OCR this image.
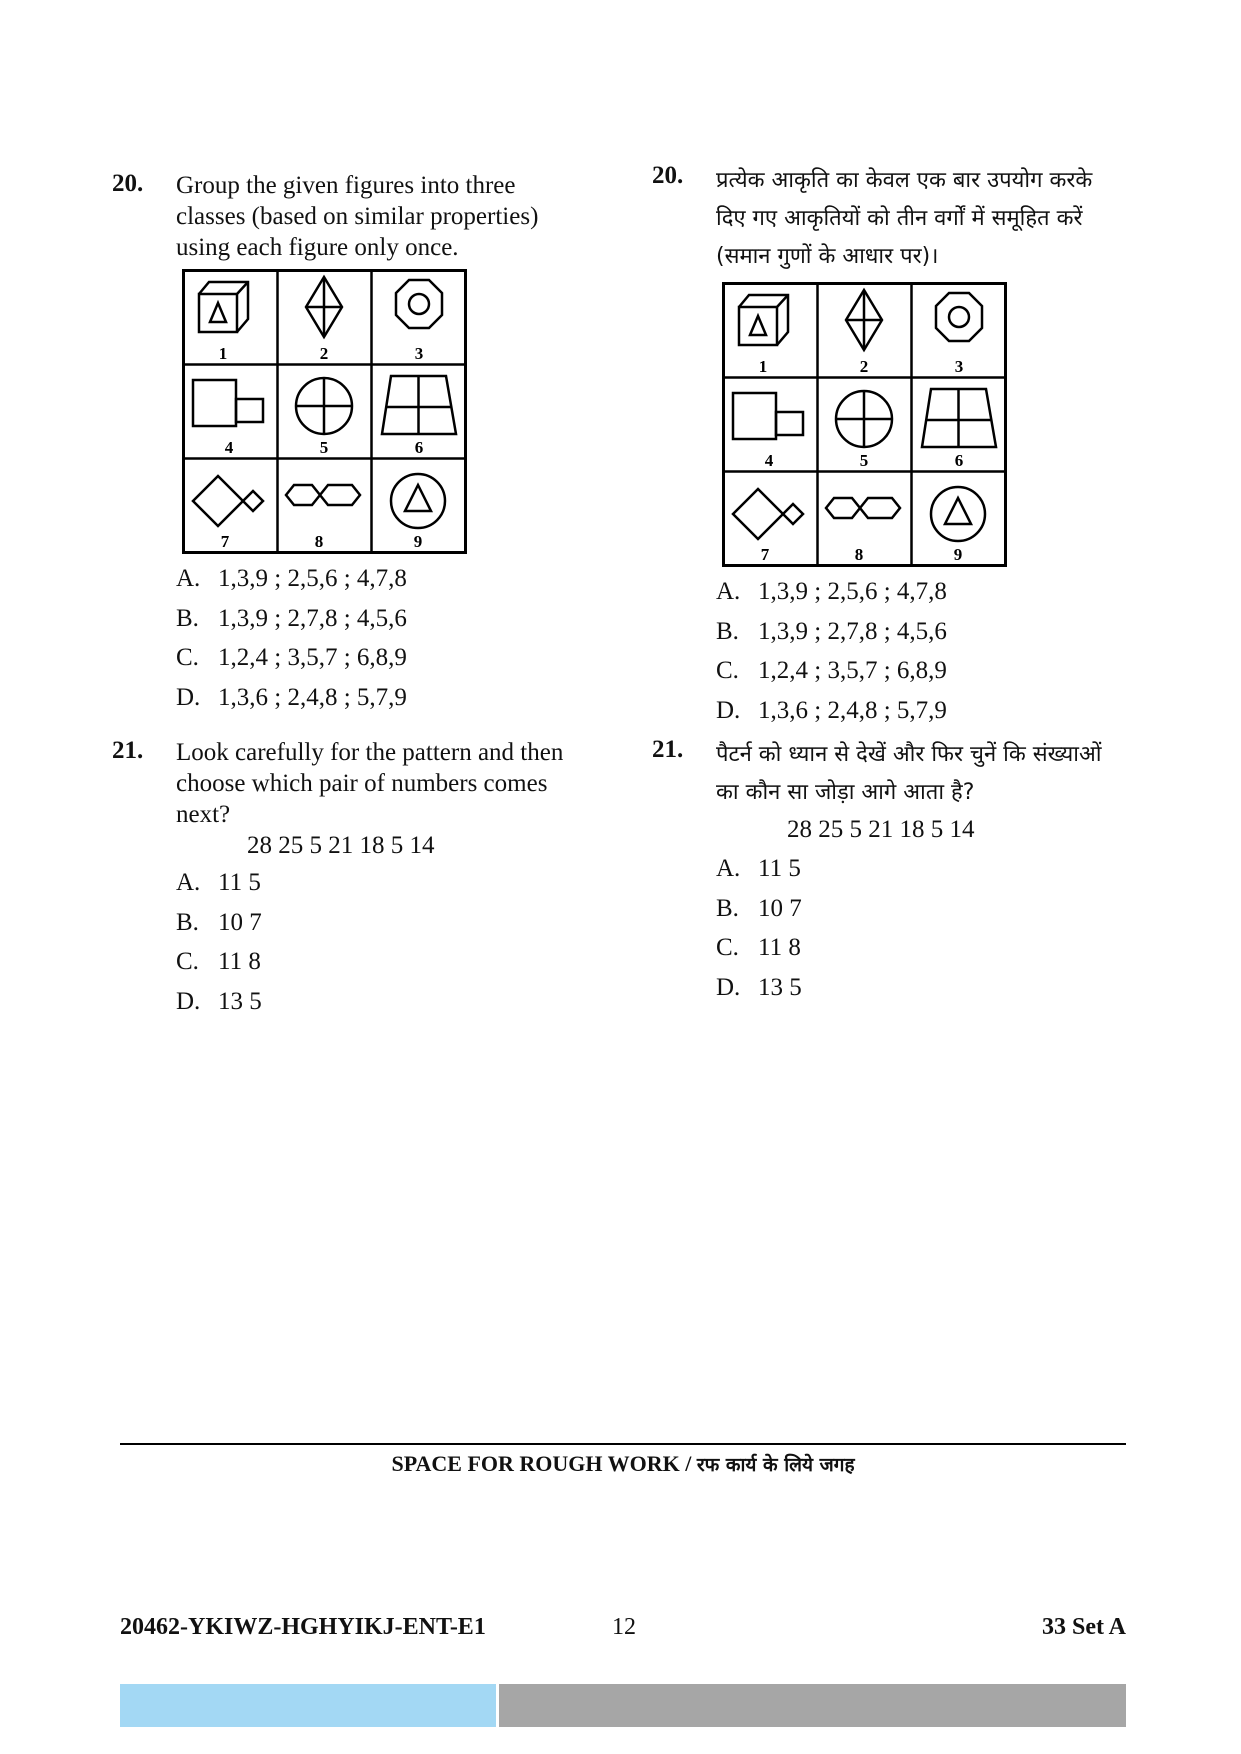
20. Group the given figures into three
classes (based on similar properties)
using each figure only once.
A. 1,3,9 ; 2,5,6 ; 4,7,8
B. 1,3,9 ; 2,7,8 ; 4,5,6
C. 1,2,4 ; 3,5,7 ; 6,8,9
D. 1,3,6 ; 2,4,8 ; 5,7,9
21. Look carefully for the pattern and then
choose which pair of numbers comes
next?
28 25 5 21 18 5 14
A. 11 5
B. 10 7
C. 11 8
D. 13 5
20. प्रत्येक आकृति का केवल एक बार उपयोग करके
दिए गए आकृतियों को तीन वर्गों में समूहित करें
(समान गुणों के आधार पर)।
A. 1,3,9 ; 2,5,6 ; 4,7,8
B. 1,3,9 ; 2,7,8 ; 4,5,6
C. 1,2,4 ; 3,5,7 ; 6,8,9
D. 1,3,6 ; 2,4,8 ; 5,7,9
21. पैटर्न को ध्यान से देखें और फिर चुनें कि संख्याओं
का कौन सा जोड़ा आगे आता है?
28 25 5 21 18 5 14
A. 11 5
B. 10 7
C. 11 8
D. 13 5
SPACE FOR ROUGH WORK / रफ कार्य के लिये जगह
20462-YKIWZ-HGHYIKJ-ENT-E1	12	33 Set A
